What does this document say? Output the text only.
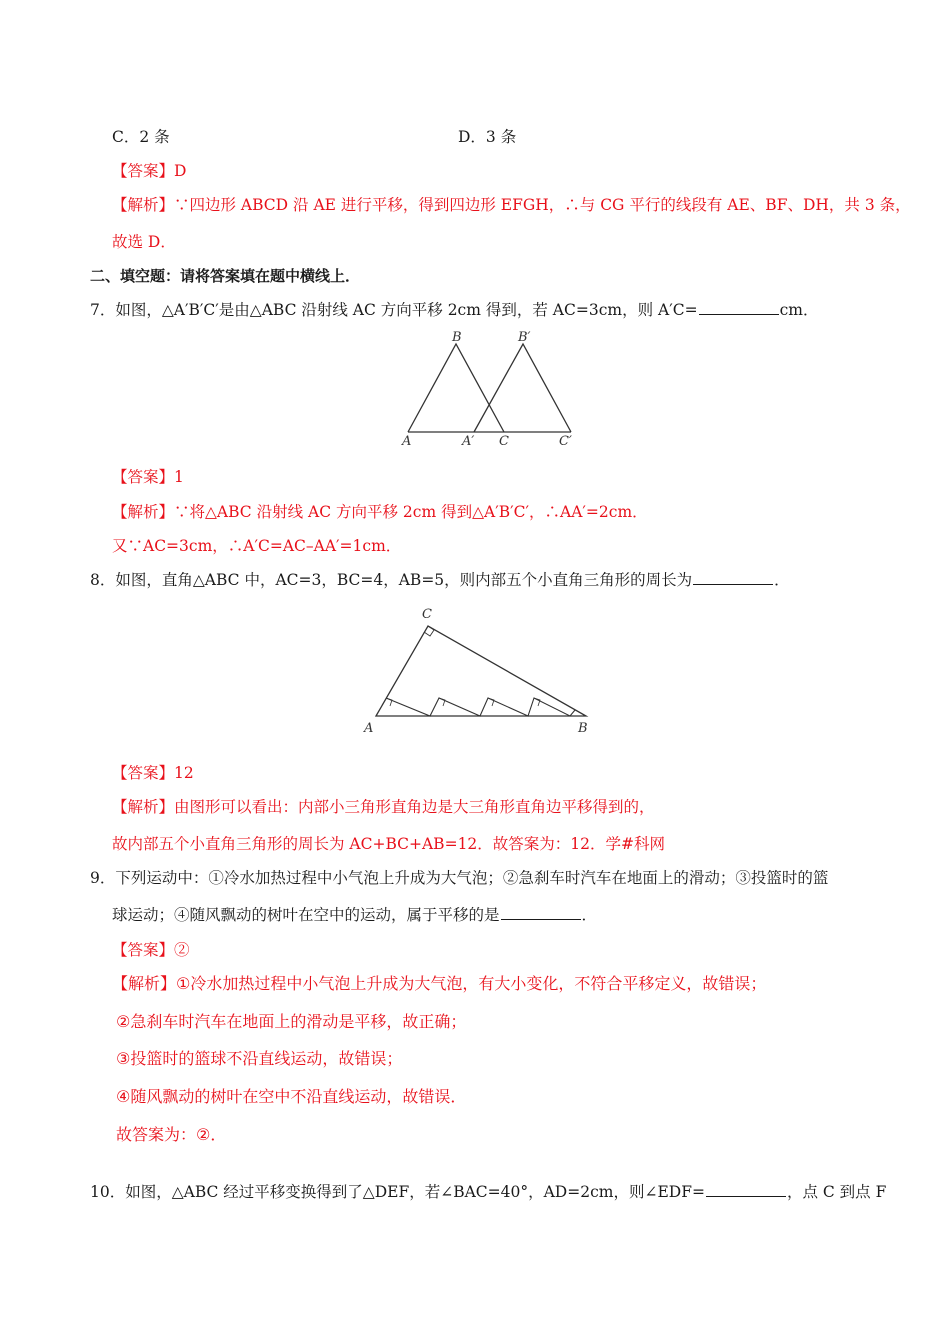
C．2 条	D．3 条
【答案】D
【解析】∵四边形 ABCD 沿 AE 进行平移，得到四边形 EFGH，∴与 CG 平行的线段有 AE、BF、DH，共 3 条，
故选 D．
二、填空题：请将答案填在题中横线上．
7．如图，△A′B′C′是由△ABC 沿射线 AC 方向平移 2cm 得到，若 AC=3cm，则 A′C=	cm．
B	B′
A	A′ C	C′
【答案】1
【解析】∵将△ABC 沿射线 AC 方向平移 2cm 得到△A′B′C′，∴AA′=2cm．
又∵AC=3cm，∴A′C=AC–AA′=1cm．
8．如图，直角△ABC 中，AC=3，BC=4，AB=5，则内部五个小直角三角形的周长为	．
C
A	B
【答案】12
【解析】由图形可以看出：内部小三角形直角边是大三角形直角边平移得到的，
故内部五个小直角三角形的周长为 AC+BC+AB=12．故答案为：12．学#科网
9．下列运动中：①冷水加热过程中小气泡上升成为大气泡；②急刹车时汽车在地面上的滑动；③投篮时的篮
球运动；④随风飘动的树叶在空中的运动，属于平移的是	．
【答案】②
【解析】①冷水加热过程中小气泡上升成为大气泡，有大小变化，不符合平移定义，故错误；
②急刹车时汽车在地面上的滑动是平移，故正确；
③投篮时的篮球不沿直线运动，故错误；
④随风飘动的树叶在空中不沿直线运动，故错误．
故答案为：②．
10．如图，△ABC 经过平移变换得到了△DEF，若∠BAC=40°，AD=2cm，则∠EDF=	，点 C 到点 F
